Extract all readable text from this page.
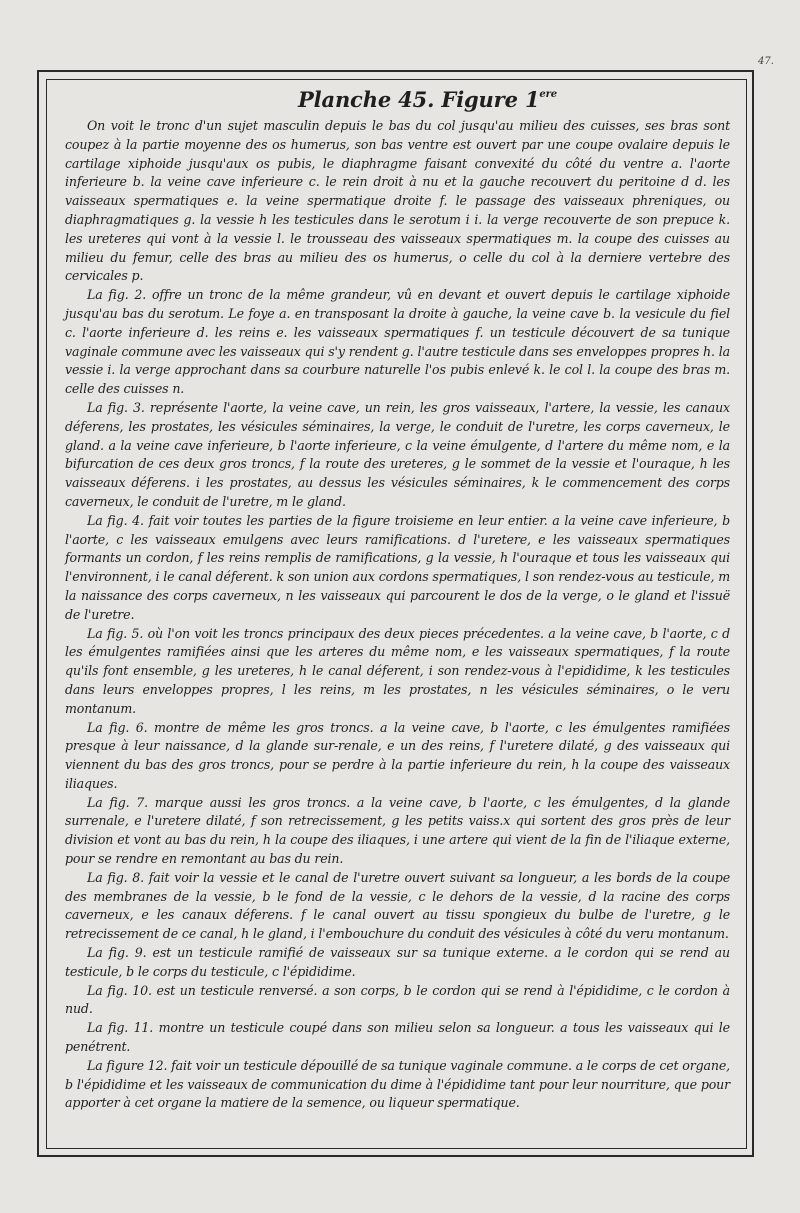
47.
Planche 45. Figure 1ere

On voit le tronc d'un sujet masculin depuis le bas du col jusqu'au milieu des cuisses, ses bras sont coupez à la partie moyenne des os humerus, son bas ventre est ouvert par une coupe ovalaire depuis le cartilage xiphoide jusqu'aux os pubis, le diaphragme faisant convexité du côté du ventre a. l'aorte inferieure b. la veine cave inferieure c. le rein droit à nu et la gauche recouvert du peritoine d d. les vaisseaux spermatiques e. la veine spermatique droite f. le passage des vaisseaux phreniques, ou diaphragmatiques g. la vessie h les testicules dans le serotum i i. la verge recouverte de son prepuce k. les ureteres qui vont à la vessie l. le trousseau des vaisseaux spermatiques m. la coupe des cuisses au milieu du femur, celle des bras au milieu des os humerus, o celle du col à la derniere vertebre des cervicales p.

La fig. 2. offre un tronc de la même grandeur, vû en devant et ouvert depuis le cartilage xiphoide jusqu'au bas du serotum. Le foye a. en transposant la droite à gauche, la veine cave b. la vesicule du fiel c. l'aorte inferieure d. les reins e. les vaisseaux spermatiques f. un testicule découvert de sa tunique vaginale commune avec les vaisseaux qui s'y rendent g. l'autre testicule dans ses enveloppes propres h. la vessie i. la verge approchant dans sa courbure naturelle l'os pubis enlevé k. le col l. la coupe des bras m. celle des cuisses n.

La fig. 3. représente l'aorte, la veine cave, un rein, les gros vaisseaux, l'artere, la vessie, les canaux déferens, les prostates, les vésicules séminaires, la verge, le conduit de l'uretre, les corps caverneux, le gland. a la veine cave inferieure, b l'aorte inferieure, c la veine émulgente, d l'artere du même nom, e la bifurcation de ces deux gros troncs, f la route des ureteres, g le sommet de la vessie et l'ouraque, h les vaisseaux déferens. i les prostates, au dessus les vésicules séminaires, k le commencement des corps caverneux, le conduit de l'uretre, m le gland.

La fig. 4. fait voir toutes les parties de la figure troisieme en leur entier. a la veine cave inferieure, b l'aorte, c les vaisseaux emulgens avec leurs ramifications. d l'uretere, e les vaisseaux spermatiques formants un cordon, f les reins remplis de ramifications, g la vessie, h l'ouraque et tous les vaisseaux qui l'environnent, i le canal déferent. k son union aux cordons spermatiques, l son rendez-vous au testicule, m la naissance des corps caverneux, n les vaisseaux qui parcourent le dos de la verge, o le gland et l'issuë de l'uretre.

La fig. 5. où l'on voit les troncs principaux des deux pieces précedentes. a la veine cave, b l'aorte, c d les émulgentes ramifiées ainsi que les arteres du même nom, e les vaisseaux spermatiques, f la route qu'ils font ensemble, g les ureteres, h le canal déferent, i son rendez-vous à l'epididime, k les testicules dans leurs enveloppes propres, l les reins, m les prostates, n les vésicules séminaires, o le veru montanum.

La fig. 6. montre de même les gros troncs. a la veine cave, b l'aorte, c les émulgentes ramifiées presque à leur naissance, d la glande sur-renale, e un des reins, f l'uretere dilaté, g des vaisseaux qui viennent du bas des gros troncs, pour se perdre à la partie inferieure du rein, h la coupe des vaisseaux iliaques.

La fig. 7. marque aussi les gros troncs. a la veine cave, b l'aorte, c les émulgentes, d la glande surrenale, e l'uretere dilaté, f son retrecissement, g les petits vaiss.x qui sortent des gros près de leur division et vont au bas du rein, h la coupe des iliaques, i une artere qui vient de la fin de l'iliaque externe, pour se rendre en remontant au bas du rein.

La fig. 8. fait voir la vessie et le canal de l'uretre ouvert suivant sa longueur, a les bords de la coupe des membranes de la vessie, b le fond de la vessie, c le dehors de la vessie, d la racine des corps caverneux, e les canaux déferens. f le canal ouvert au tissu spongieux du bulbe de l'uretre, g le retrecissement de ce canal, h le gland, i l'embouchure du conduit des vésicules à côté du veru montanum.

La fig. 9. est un testicule ramifié de vaisseaux sur sa tunique externe. a le cordon qui se rend au testicule, b le corps du testicule, c l'épididime.

La fig. 10. est un testicule renversé. a son corps, b le cordon qui se rend à l'épididime, c le cordon à nud.

La fig. 11. montre un testicule coupé dans son milieu selon sa longueur. a tous les vaisseaux qui le penétrent.

La figure 12. fait voir un testicule dépouillé de sa tunique vaginale commune. a le corps de cet organe, b l'épididime et les vaisseaux de communication du dime à l'épididime tant pour leur nourriture, que pour apporter à cet organe la matiere de la semence, ou liqueur spermatique.
